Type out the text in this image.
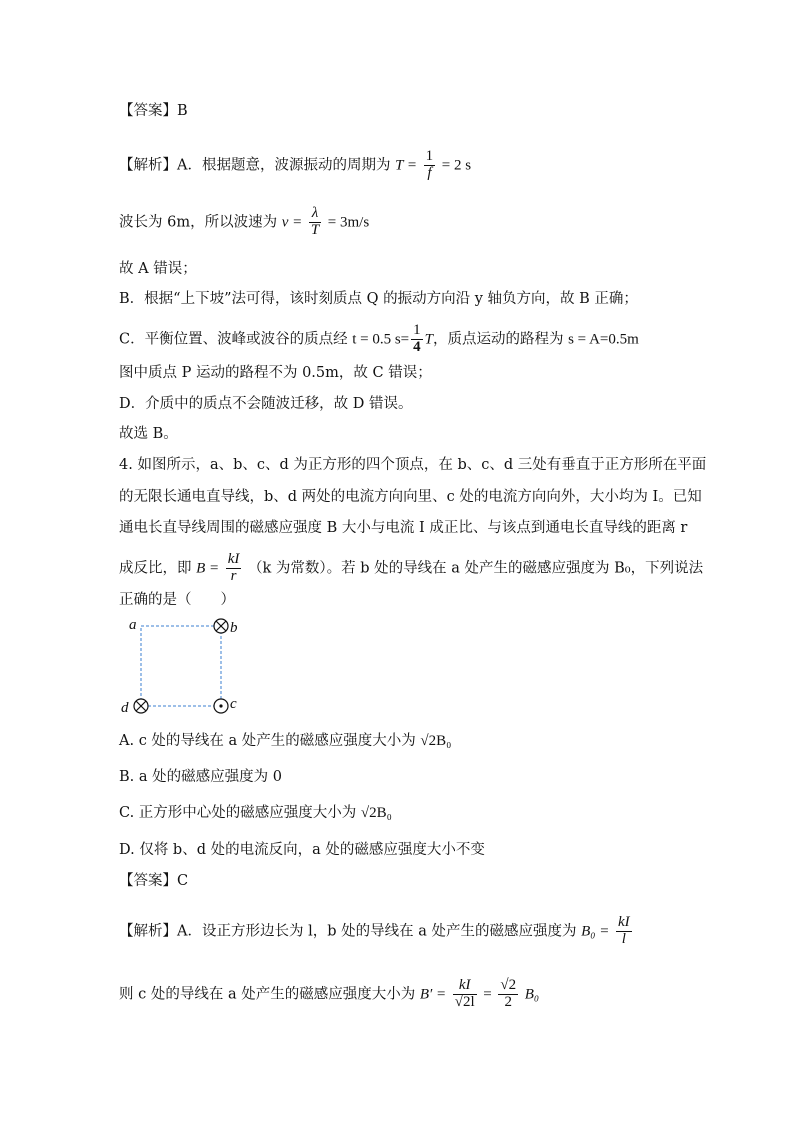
【答案】B
【解析】A．根据题意，波源振动的周期为 $T = \frac{1}{f} = 2$ s
波长为 6m，所以波速为 $v = \frac{\lambda}{T} = 3m/s$
故 A 错误；
B．根据“上下坡”法可得，该时刻质点 Q 的振动方向沿 y 轴负方向，故 B 正确；
C．平衡位置、波峰或波谷的质点经 t = 0.5 $s= \frac{1}{4}$ T，质点运动的路程为 s = A=0.5m
图中质点 P 运动的路程不为 0.5m，故 C 错误；
D．介质中的质点不会随波迁移，故 D 错误。
故选 B。
4. 如图所示，a、b、c、d 为正方形的四个顶点，在 b、c、d 三处有垂直于正方形所在平面
的无限长通电直导线，b、d 两处的电流方向向里、c 处的电流方向向外，大小均为 I。已知
通电长直导线周围的磁感应强度 B 大小与电流 I 成正比、与该点到通电长直导线的距离 r
成反比，即 $B = \frac{kI}{r} (k$ 为常数）。若 b 处的导线在 a 处产生的磁感应强度为 B₀，下列说法
正确的是（　　）
a	b
c
d
A. c 处的导线在 a 处产生的磁感应强度大小为 √2B₀
B. a 处的磁感应强度为 0
C. 正方形中心处的磁感应强度大小为 √2B₀
D. 仅将 b、d 处的电流反向，a 处的磁感应强度大小不变
【答案】C
【解析】A．设正方形边长为 l，b 处的导线在 a 处产生的磁感应强度为 $B_0 = \frac{kI}{l}$
则 c 处的导线在 a 处产生的磁感应强度大小为 $B' = \frac{kI}{√2l} = \frac{√2}{2} B_0$
